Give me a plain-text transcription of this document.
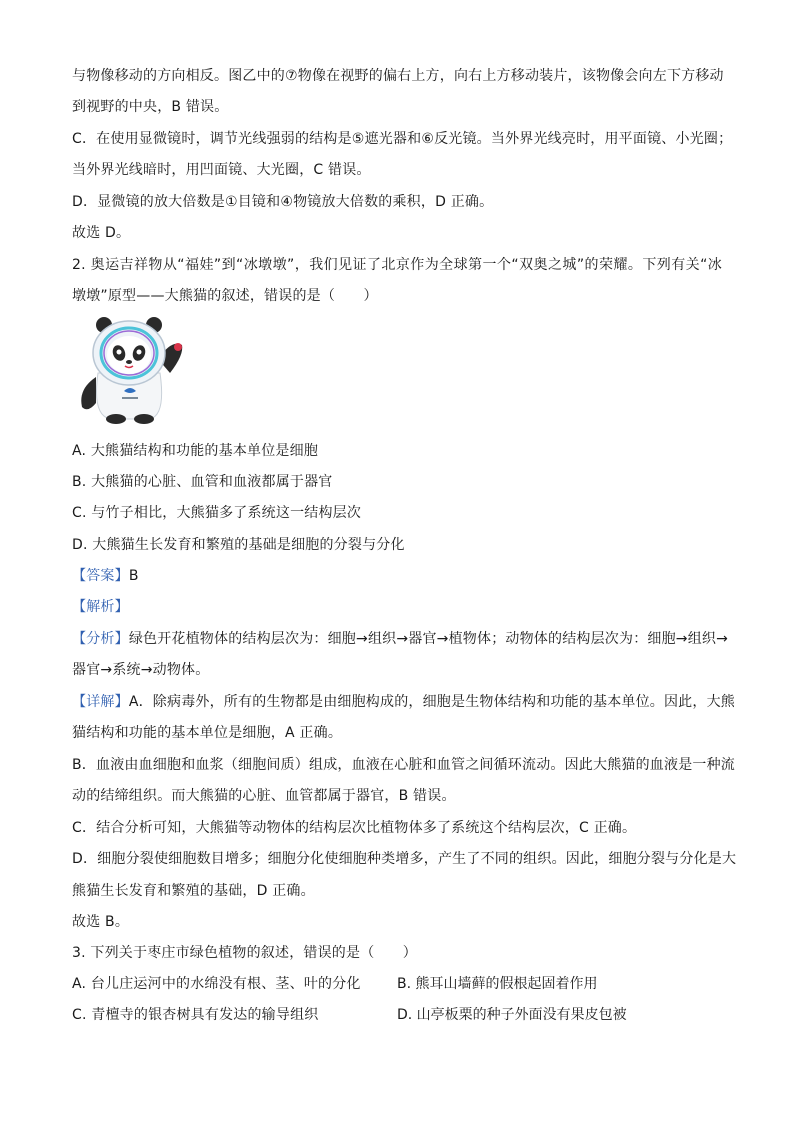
与物像移动的方向相反。图乙中的⑦物像在视野的偏右上方，向右上方移动装片，该物像会向左下方移动
到视野的中央，B 错误。
C．在使用显微镜时，调节光线强弱的结构是⑤遮光器和⑥反光镜。当外界光线亮时，用平面镜、小光圈；
当外界光线暗时，用凹面镜、大光圈，C 错误。
D．显微镜的放大倍数是①目镜和④物镜放大倍数的乘积，D 正确。
故选 D。
2. 奥运吉祥物从“福娃”到“冰墩墩”，我们见证了北京作为全球第一个“双奥之城”的荣耀。下列有关“冰
墩墩”原型——大熊猫的叙述，错误的是（　　）
A. 大熊猫结构和功能的基本单位是细胞
B. 大熊猫的心脏、血管和血液都属于器官
C. 与竹子相比，大熊猫多了系统这一结构层次
D. 大熊猫生长发育和繁殖的基础是细胞的分裂与分化
【答案】B
【解析】
【分析】绿色开花植物体的结构层次为：细胞→组织→器官→植物体；动物体的结构层次为：细胞→组织→
器官→系统→动物体。
【详解】A．除病毒外，所有的生物都是由细胞构成的，细胞是生物体结构和功能的基本单位。因此，大熊
猫结构和功能的基本单位是细胞，A 正确。
B．血液由血细胞和血浆（细胞间质）组成，血液在心脏和血管之间循环流动。因此大熊猫的血液是一种流
动的结缔组织。而大熊猫的心脏、血管都属于器官，B 错误。
C．结合分析可知，大熊猫等动物体的结构层次比植物体多了系统这个结构层次，C 正确。
D．细胞分裂使细胞数目增多；细胞分化使细胞种类增多，产生了不同的组织。因此，细胞分裂与分化是大
熊猫生长发育和繁殖的基础，D 正确。
故选 B。
3. 下列关于枣庄市绿色植物的叙述，错误的是（　　）
A. 台儿庄运河中的水绵没有根、茎、叶的分化	B. 熊耳山墙藓的假根起固着作用
C. 青檀寺的银杏树具有发达的输导组织	D. 山亭板栗的种子外面没有果皮包被
